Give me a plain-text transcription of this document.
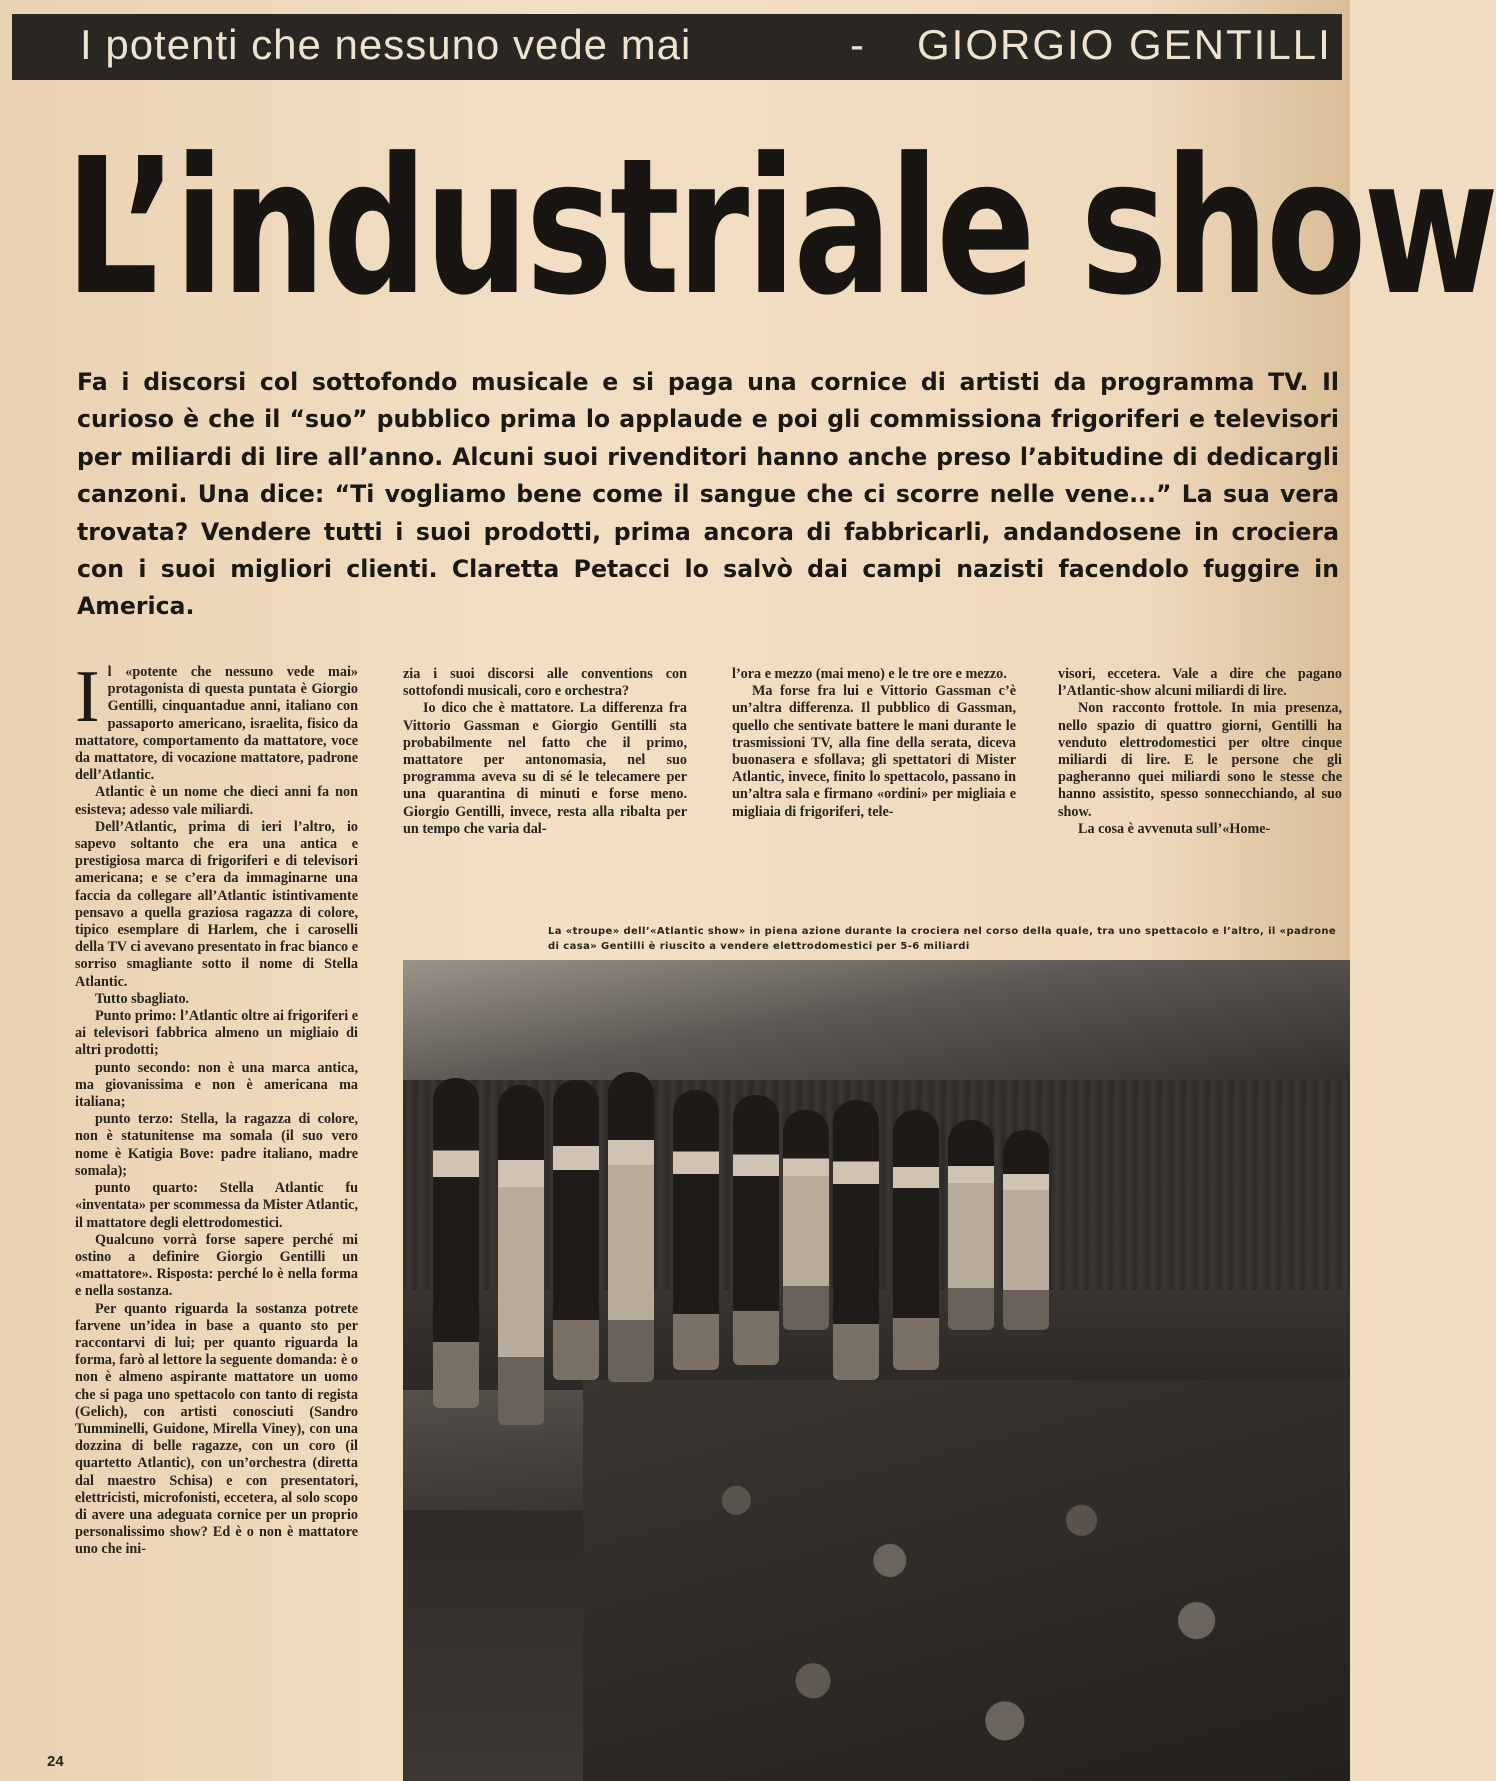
I potenti che nessuno vede mai	- GIORGIO GENTILLI
L’industriale show
Fa i discorsi col sottofondo musicale e si paga una cornice di artisti da programma TV. Il curioso è che il “suo” pubblico prima lo applaude e poi gli commissiona frigoriferi e televisori per miliardi di lire all’anno. Alcuni suoi rivenditori hanno anche preso l’abitudine di dedicargli canzoni. Una dice: “Ti vogliamo bene come il sangue che ci scorre nelle vene...” La sua vera trovata? Vendere tutti i suoi prodotti, prima ancora di fabbricarli, andandosene in crociera con i suoi migliori clienti. Claretta Petacci lo salvò dai campi nazisti facendolo fuggire in America.

Il «potente che nessuno vede mai» protagonista di questa puntata è Giorgio Gentilli, cinquantadue anni, italiano con passaporto americano, israelita, fisico da mattatore, comportamento da mattatore, voce da mattatore, di vocazione mattatore, padrone dell’Atlantic.

Atlantic è un nome che dieci anni fa non esisteva; adesso vale miliardi.

Dell’Atlantic, prima di ieri l’altro, io sapevo soltanto che era una antica e prestigiosa marca di frigoriferi e di televisori americana; e se c’era da immaginarne una faccia da collegare all’Atlantic istintivamente pensavo a quella graziosa ragazza di colore, tipico esemplare di Harlem, che i caroselli della TV ci avevano presentato in frac bianco e sorriso smagliante sotto il nome di Stella Atlantic.

Tutto sbagliato.

Punto primo: l’Atlantic oltre ai frigoriferi e ai televisori fabbrica almeno un migliaio di altri prodotti;

punto secondo: non è una marca antica, ma giovanissima e non è americana ma italiana;

punto terzo: Stella, la ragazza di colore, non è statunitense ma somala (il suo vero nome è Katigia Bove: padre italiano, madre somala);

punto quarto: Stella Atlantic fu «inventata» per scommessa da Mister Atlantic, il mattatore degli elettrodomestici.

Qualcuno vorrà forse sapere perché mi ostino a definire Giorgio Gentilli un «mattatore». Risposta: perché lo è nella forma e nella sostanza.

Per quanto riguarda la sostanza potrete farvene un’idea in base a quanto sto per raccontarvi di lui; per quanto riguarda la forma, farò al lettore la seguente domanda: è o non è almeno aspirante mattatore un uomo che si paga uno spettacolo con tanto di regista (Gelich), con artisti conosciuti (Sandro Tumminelli, Guidone, Mirella Viney), con una dozzina di belle ragazze, con un coro (il quartetto Atlantic), con un’orchestra (diretta dal maestro Schisa) e con presentatori, elettricisti, microfonisti, eccetera, al solo scopo di avere una adeguata cornice per un proprio personalissimo show? Ed è o non è mattatore uno che ini-

zia i suoi discorsi alle conventions con sottofondi musicali, coro e orchestra?

Io dico che è mattatore. La differenza fra Vittorio Gassman e Giorgio Gentilli sta probabilmente nel fatto che il primo, mattatore per antonomasia, nel suo programma aveva su di sé le telecamere per una quarantina di minuti e forse meno. Giorgio Gentilli, invece, resta alla ribalta per un tempo che varia dal-

l’ora e mezzo (mai meno) e le tre ore e mezzo.

Ma forse fra lui e Vittorio Gassman c’è un’altra differenza. Il pubblico di Gassman, quello che sentivate battere le mani durante le trasmissioni TV, alla fine della serata, diceva buonasera e sfollava; gli spettatori di Mister Atlantic, invece, finito lo spettacolo, passano in un’altra sala e firmano «ordini» per migliaia e migliaia di frigoriferi, tele-

visori, eccetera. Vale a dire che pagano l’Atlantic-show alcuni miliardi di lire.

Non racconto frottole. In mia presenza, nello spazio di quattro giorni, Gentilli ha venduto elettrodomestici per oltre cinque miliardi di lire. E le persone che gli pagheranno quei miliardi sono le stesse che hanno assistito, spesso sonnecchiando, al suo show.

La cosa è avvenuta sull’«Home-

La «troupe» dell’«Atlantic show» in piena azione durante la crociera nel corso della quale, tra uno spettacolo e l’altro, il «padrone di casa» Gentilli è riuscito a vendere elettrodomestici per 5-6 miliardi
24
